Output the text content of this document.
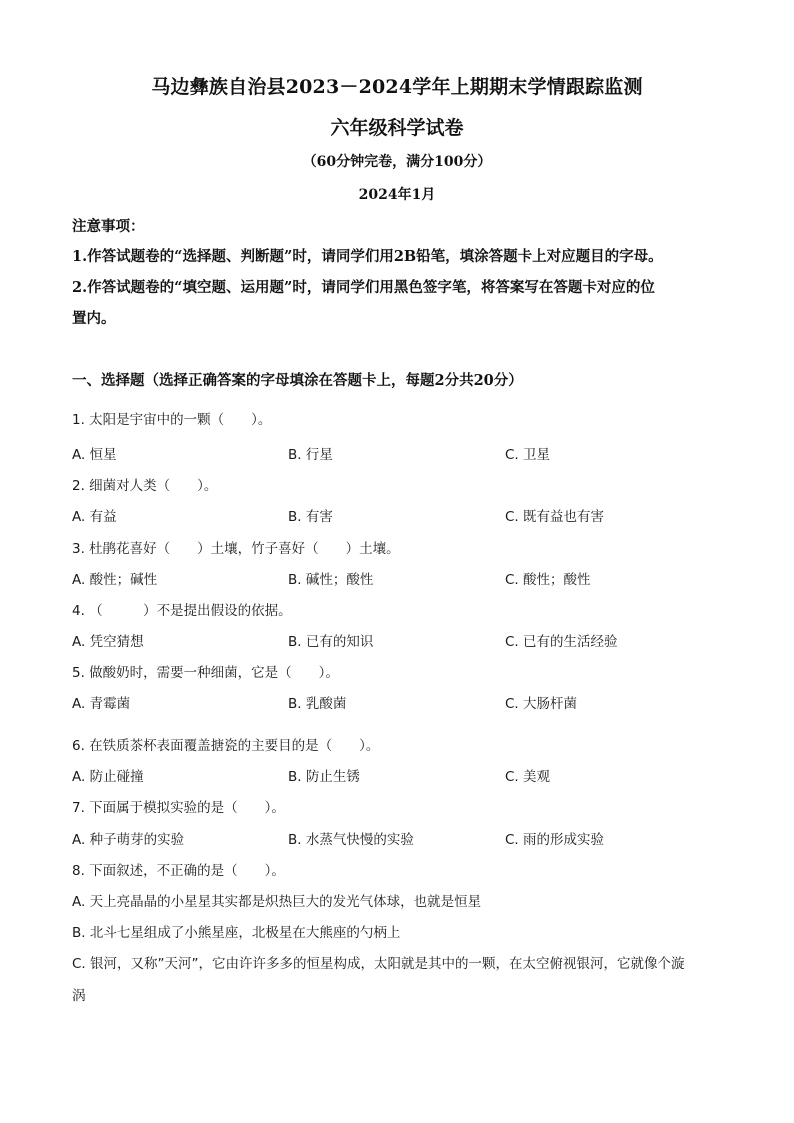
马边彝族自治县2023－2024学年上期期末学情跟踪监测
六年级科学试卷
（60分钟完卷，满分100分）
2024年1月
注意事项：
1.作答试题卷的“选择题、判断题”时，请同学们用2B铅笔，填涂答题卡上对应题目的字母。
2.作答试题卷的“填空题、运用题”时，请同学们用黑色签字笔，将答案写在答题卡对应的位
置内。
一、选择题（选择正确答案的字母填涂在答题卡上，每题2分共20分）
1. 太阳是宇宙中的一颗（　　）。
A. 恒星	B. 行星	C. 卫星
2. 细菌对人类（　　）。
A. 有益	B. 有害	C. 既有益也有害
3. 杜鹃花喜好（　　）土壤，竹子喜好（　　）土壤。
A. 酸性；碱性	B. 碱性；酸性	C. 酸性；酸性
4. （　　　）不是提出假设的依据。
A. 凭空猜想	B. 已有的知识	C. 已有的生活经验
5. 做酸奶时，需要一种细菌，它是（　　）。
A. 青霉菌	B. 乳酸菌	C. 大肠杆菌
6. 在铁质茶杯表面覆盖搪瓷的主要目的是（　　）。
A. 防止碰撞	B. 防止生锈	C. 美观
7. 下面属于模拟实验的是（　　）。
A. 种子萌芽的实验	B. 水蒸气快慢的实验	C. 雨的形成实验
8. 下面叙述，不正确的是（　　）。
A. 天上亮晶晶的小星星其实都是炽热巨大的发光气体球，也就是恒星
B. 北斗七星组成了小熊星座，北极星在大熊座的勺柄上
C. 银河，又称”天河”，它由许许多多的恒星构成，太阳就是其中的一颗，在太空俯视银河，它就像个漩
涡
